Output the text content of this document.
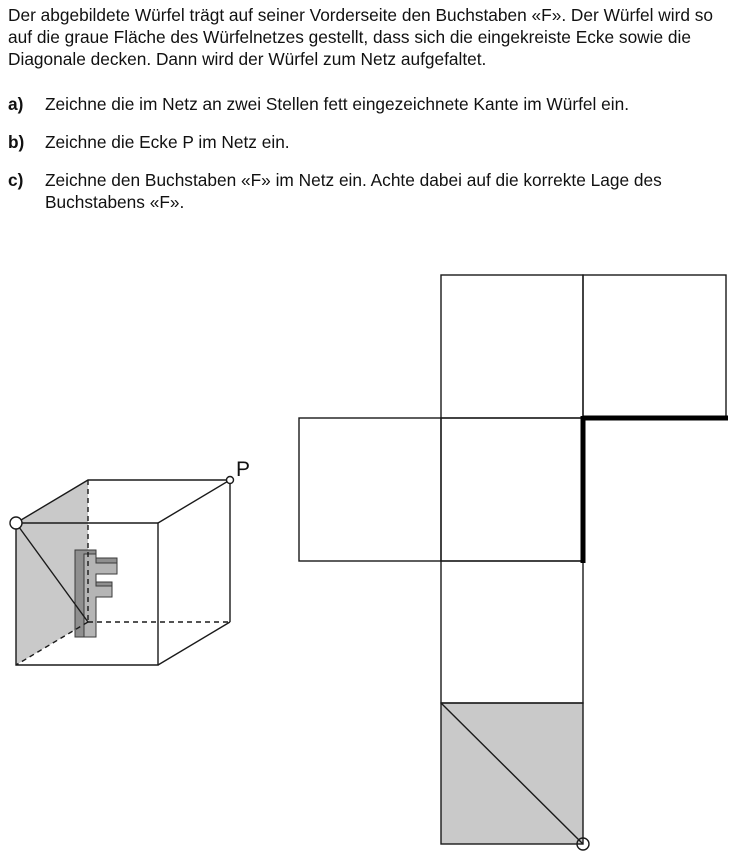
Der abgebildete Würfel trägt auf seiner Vorderseite den Buchstaben «F». Der Würfel wird so auf die graue Fläche des Würfelnetzes gestellt, dass sich die eingekreiste Ecke sowie die Diagonale decken. Dann wird der Würfel zum Netz aufgefaltet.

a) Zeichne die im Netz an zwei Stellen fett eingezeichnete Kante im Würfel ein.
b) Zeichne die Ecke P im Netz ein.
c) Zeichne den Buchstaben «F» im Netz ein. Achte dabei auf die korrekte Lage des Buchstabens «F».
P
